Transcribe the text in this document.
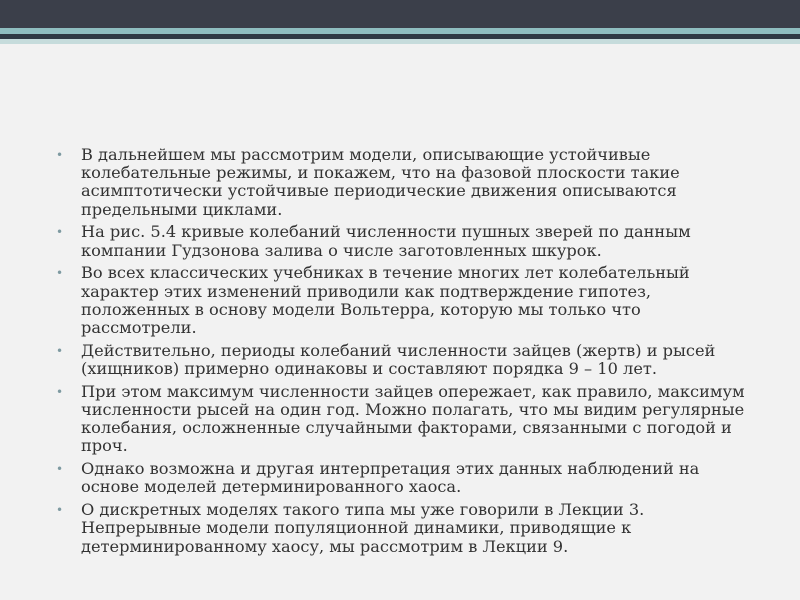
• В дальнейшем мы рассмотрим модели, описывающие устойчивые колебательные режимы, и покажем, что на фазовой плоскости такие асимптотически устойчивые периодические движения описываются предельными циклами.
• На рис. 5.4 кривые колебаний численности пушных зверей по данным компании Гудзонова залива о числе заготовленных шкурок.
• Во всех классических учебниках в течение многих лет колебательный характер этих изменений приводили как подтверждение гипотез, положенных в основу модели Вольтерра, которую мы только что рассмотрели.
• Действительно, периоды колебаний численности зайцев (жертв) и рысей (хищников) примерно одинаковы и составляют порядка 9 – 10 лет.
• При этом максимум численности зайцев опережает, как правило, максимум численности рысей на один год. Можно полагать, что мы видим регулярные колебания, осложненные случайными факторами, связанными с погодой и проч.
• Однако возможна и другая интерпретация этих данных наблюдений на основе моделей детерминированного хаоса.
• О дискретных моделях такого типа мы уже говорили в Лекции 3. Непрерывные модели популяционной динамики, приводящие к детерминированному хаосу, мы рассмотрим в Лекции 9.
